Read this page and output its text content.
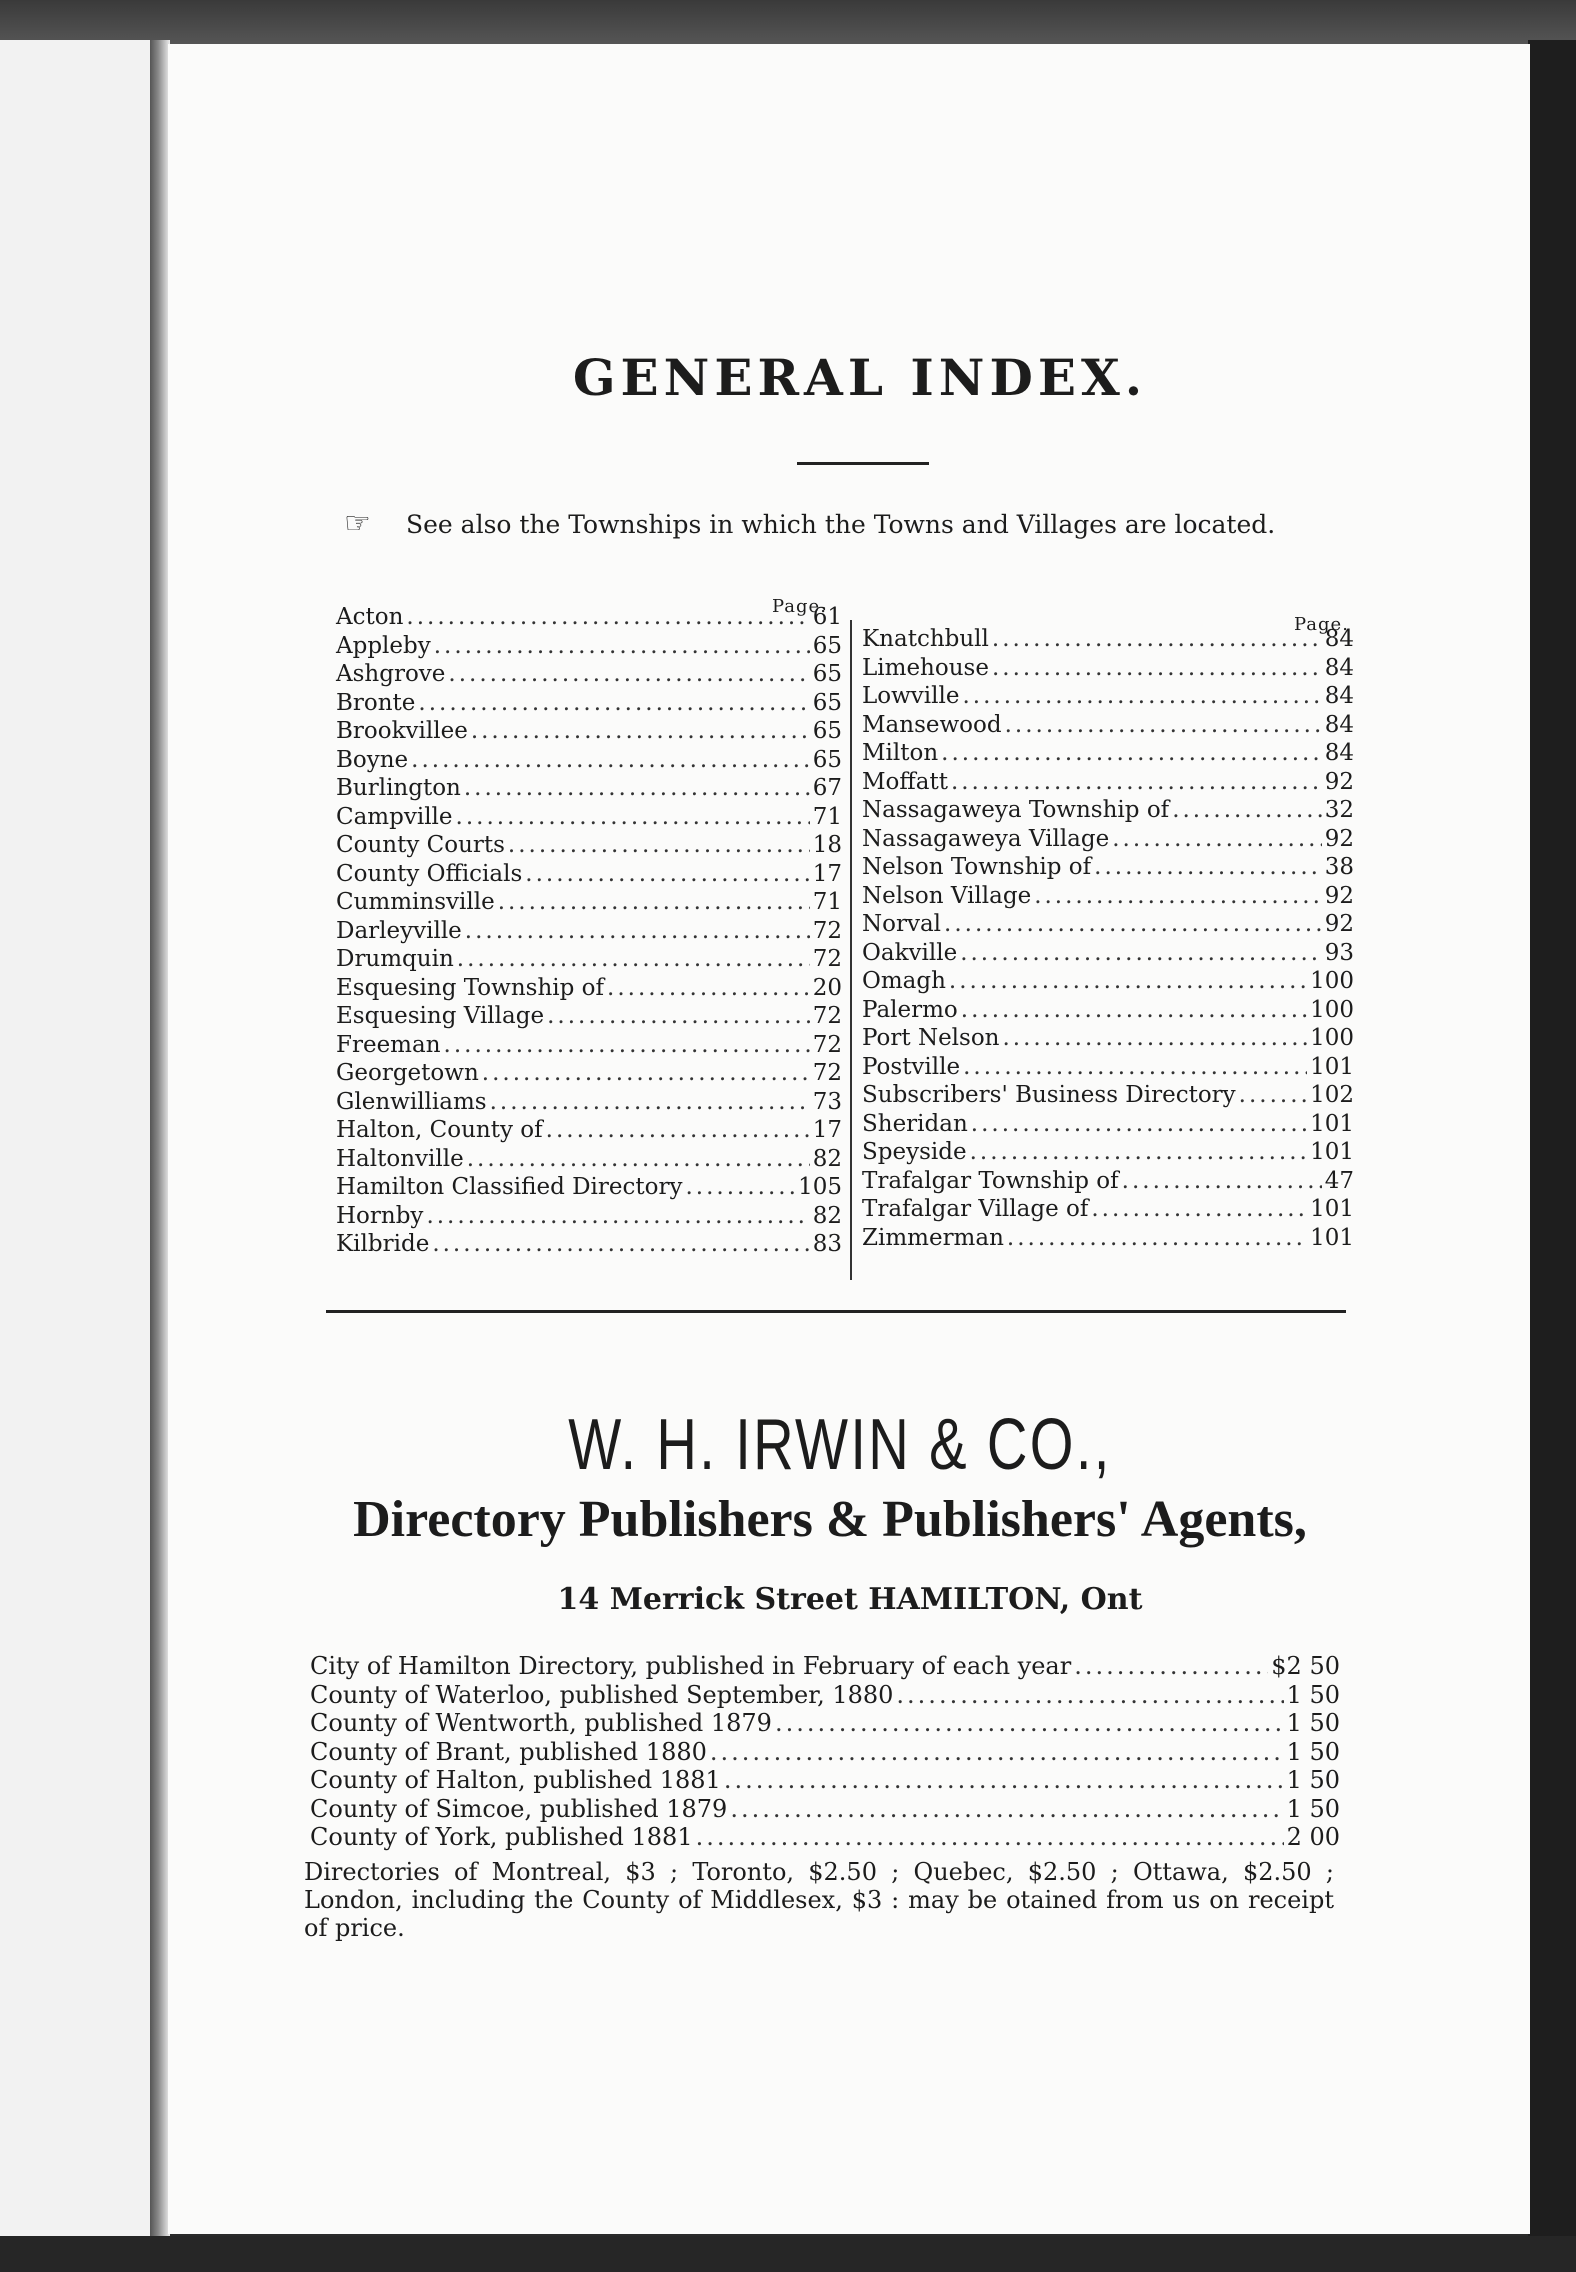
GENERAL INDEX.
☞ See also the Townships in which the Towns and Villages are located.
Page.
Page.
Acton .....	61
Appleby .....	65
Ashgrove .....	65
Bronte .....	65
Brookvillee .....	65
Boyne .....	65
Burlington .....	67
Campville .....	71
County Courts .....	18
County Officials .....	17
Cumminsville .....	71
Darleyville .....	72
Drumquin .....	72
Esquesing Township of .....	20
Esquesing Village .....	72
Freeman .....	72
Georgetown .....	72
Glenwilliams .....	73
Halton, County of .....	17
Haltonville .....	82
Hamilton Classified Directory .....	105
Hornby .....	82
Kilbride .....	83
Knatchbull .....	84
Limehouse .....	84
Lowville .....	84
Mansewood .....	84
Milton .....	84
Moffatt .....	92
Nassagaweya Township of .....	32
Nassagaweya Village .....	92
Nelson Township of .....	38
Nelson Village .....	92
Norval .....	92
Oakville .....	93
Omagh .....	100
Palermo .....	100
Port Nelson .....	100
Postville .....	101
Subscribers' Business Directory .....	102
Sheridan .....	101
Speyside .....	101
Trafalgar Township of .....	47
Trafalgar Village of .....	101
Zimmerman .....	101
W. H. IRWIN & CO.,
Directory Publishers & Publishers' Agents,
14 Merrick Street HAMILTON, Ont
City of Hamilton Directory, published in February of each year .....	$2 50
County of Waterloo, published September, 1880 .....	1 50
County of Wentworth, published 1879 .....	1 50
County of Brant, published 1880 .....	1 50
County of Halton, published 1881 .....	1 50
County of Simcoe, published 1879 .....	1 50
County of York, published 1881 .....	2 00
Directories of Montreal, $3 ; Toronto, $2.50 ; Quebec, $2.50 ; Ottawa, $2.50 ; London, including the County of Middlesex, $3 : may be otained from us on receipt of price.
